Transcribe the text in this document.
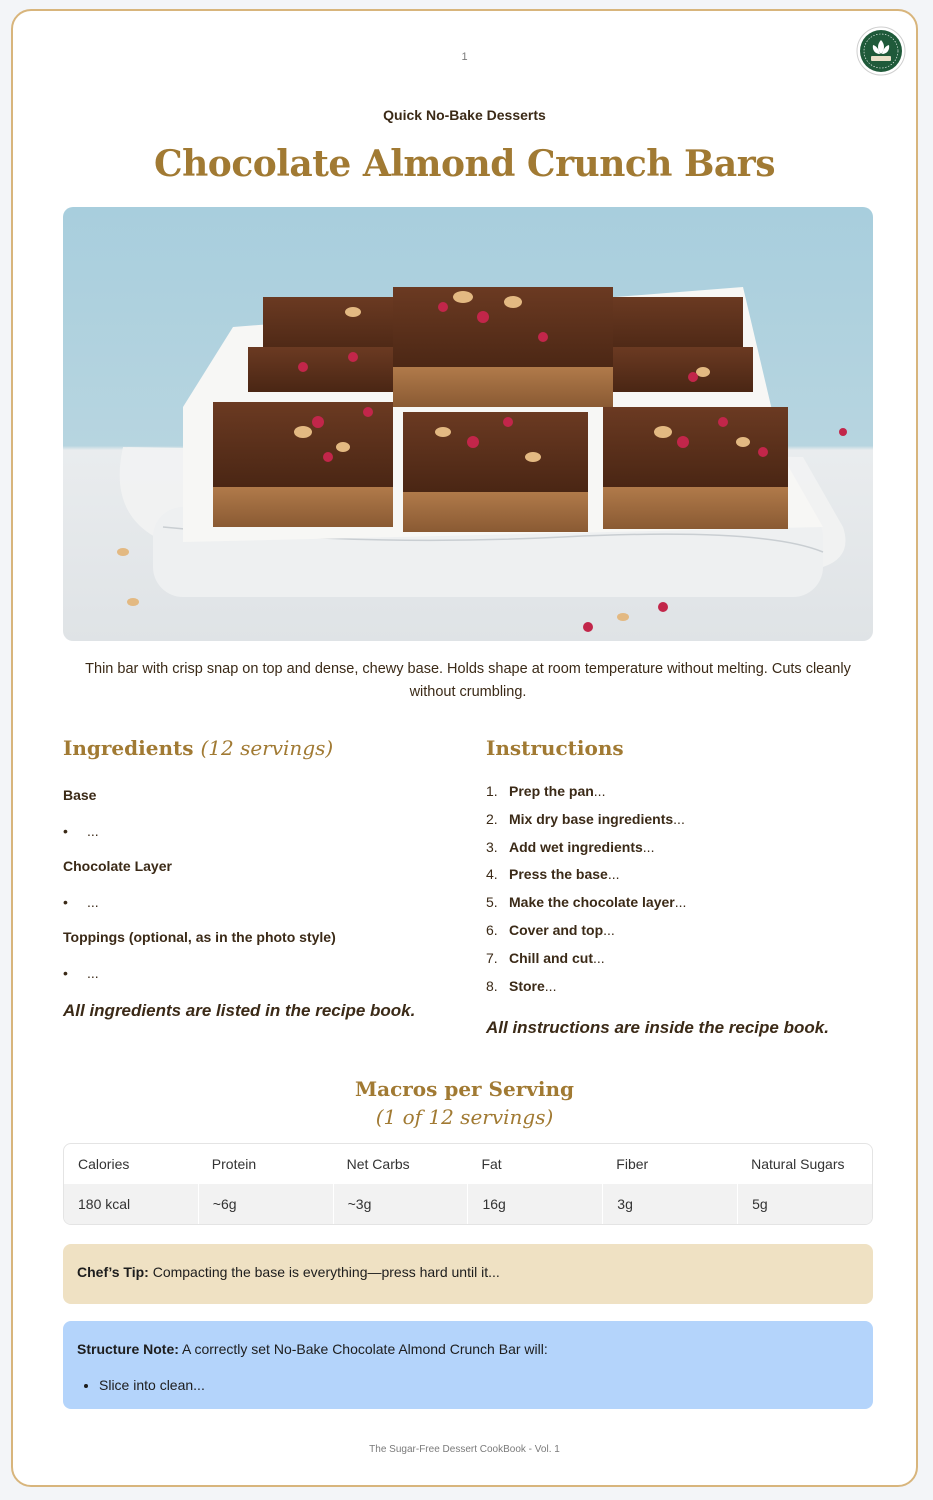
1
Quick No-Bake Desserts
Chocolate Almond Crunch Bars

Thin bar with crisp snap on top and dense, chewy base. Holds shape at room temperature without melting. Cuts cleanly without crumbling.

Ingredients (12 servings)

Base

• ...

Chocolate Layer

• ...

Toppings (optional, as in the photo style)

• ...
All ingredients are listed in the recipe book.
Instructions
1. Prep the pan...
2. Mix dry base ingredients...
3. Add wet ingredients...
4. Press the base...
5. Make the chocolate layer...
6. Cover and top...
7. Chill and cut...
8. Store...
All instructions are inside the recipe book.
Macros per Serving
(1 of 12 servings)
Calories	Protein	Net Carbs	Fat	Fiber	Natural Sugars
180 kcal	~6g	~3g	16g	3g	5g
Chef’s Tip: Compacting the base is everything—press hard until it...
Structure Note: A correctly set No-Bake Chocolate Almond Crunch Bar will:
• Slice into clean...
The Sugar-Free Dessert CookBook - Vol. 1
